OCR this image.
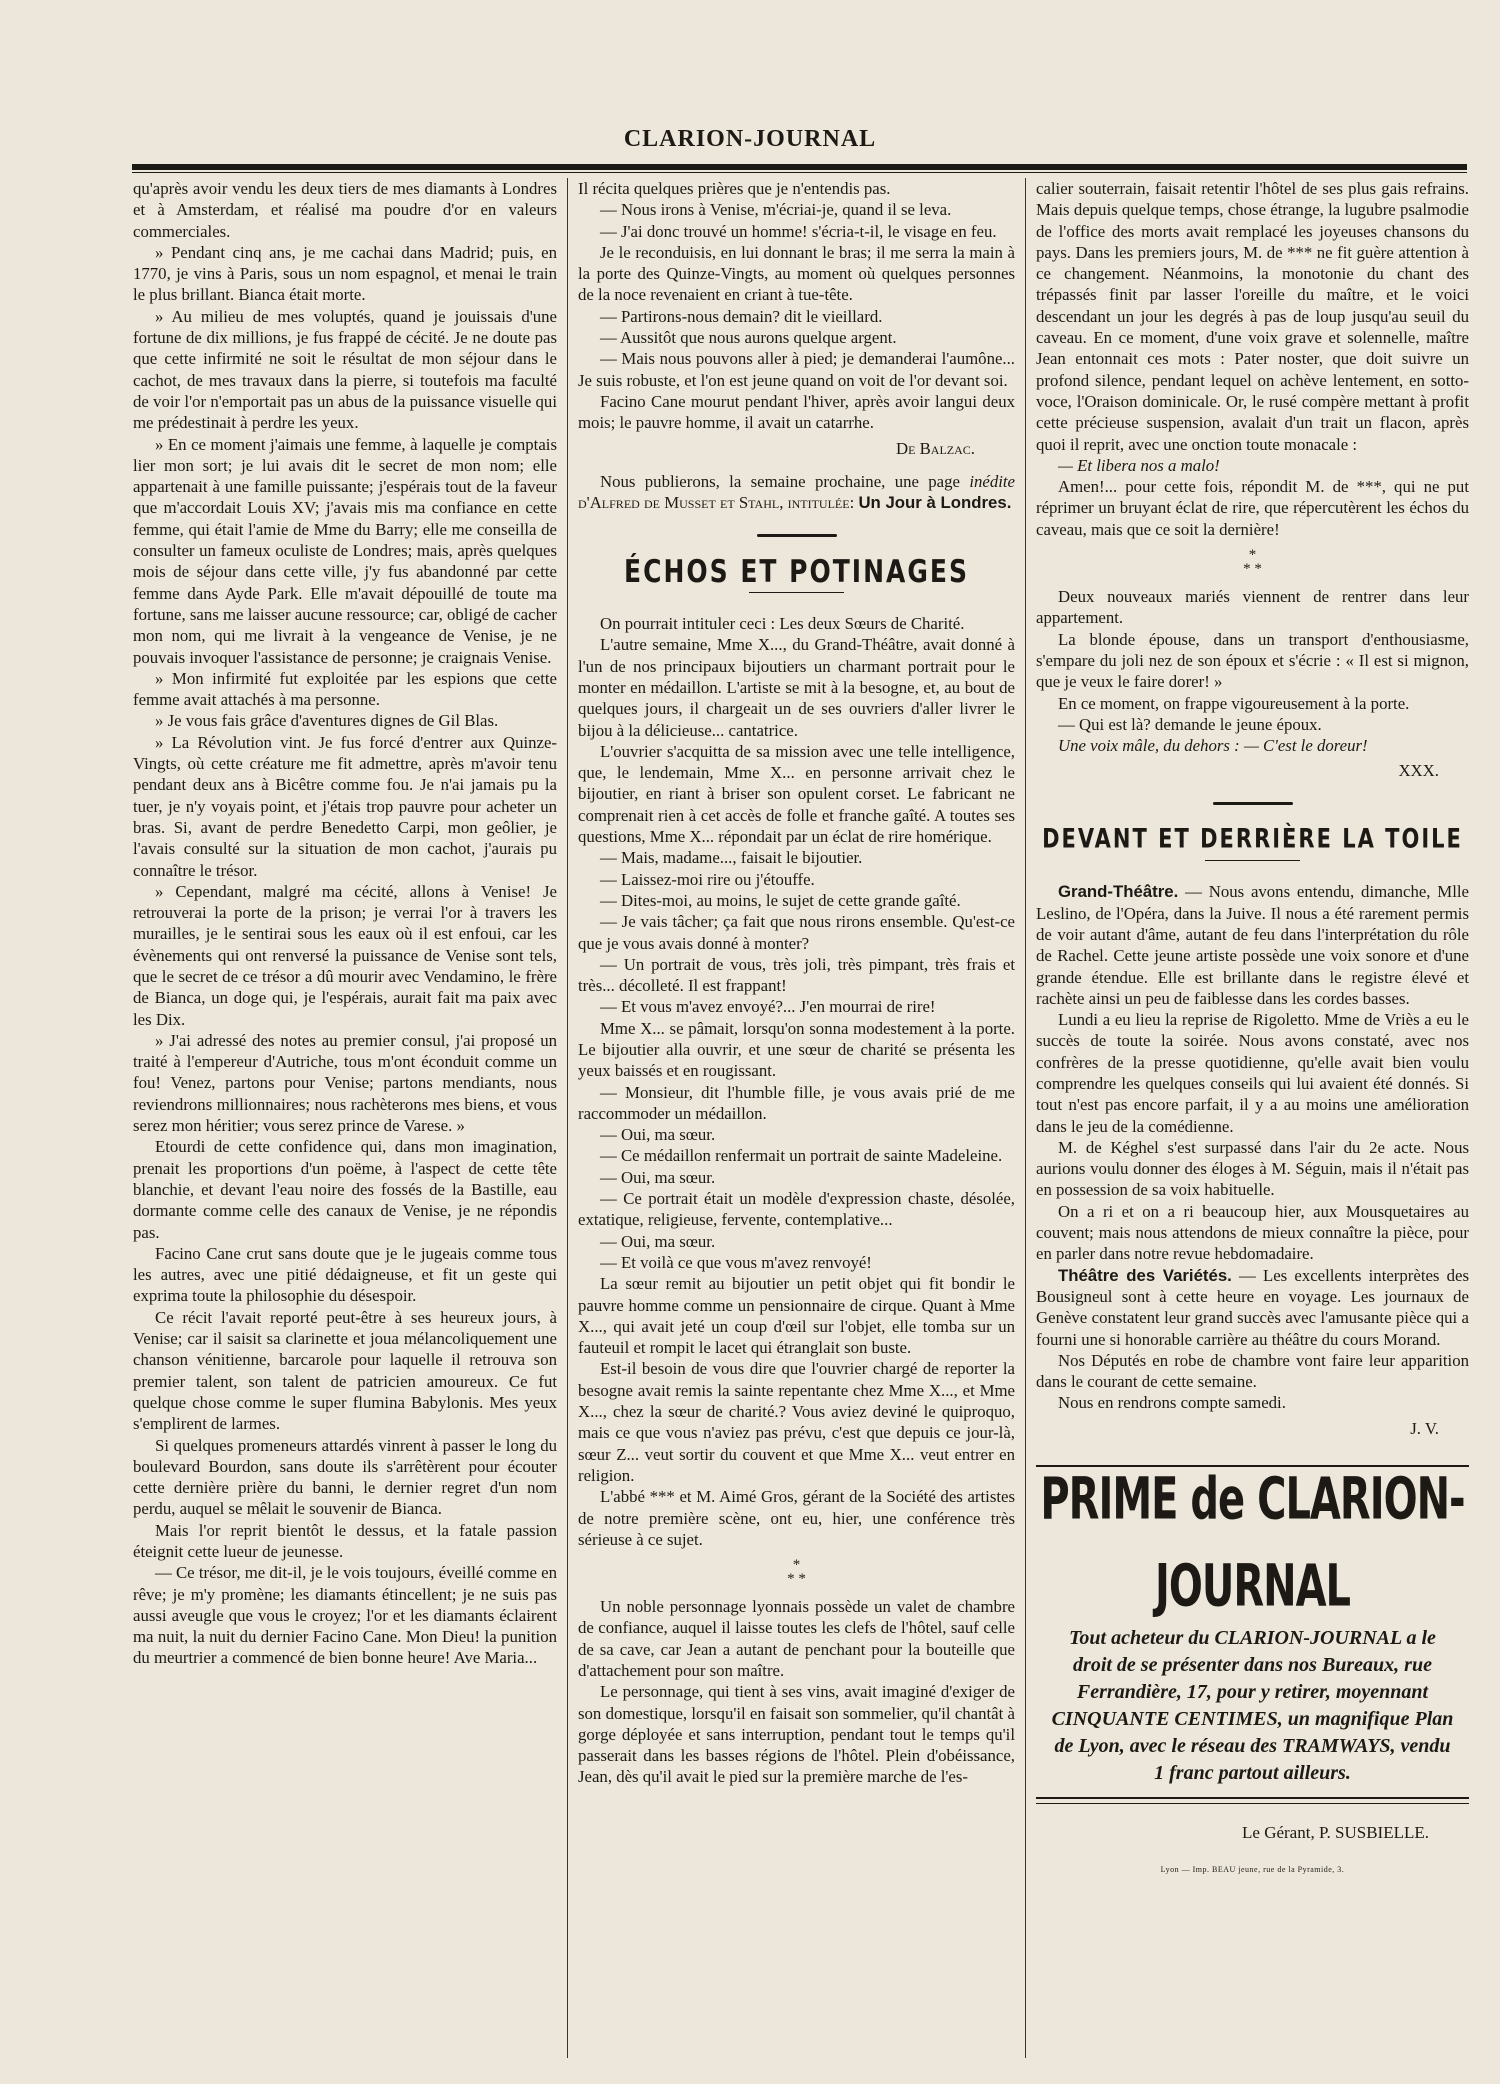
CLARION-JOURNAL

qu'après avoir vendu les deux tiers de mes diamants à Londres et à Amsterdam, et réalisé ma poudre d'or en valeurs commerciales.

» Pendant cinq ans, je me cachai dans Madrid; puis, en 1770, je vins à Paris, sous un nom espagnol, et menai le train le plus brillant. Bianca était morte.

» Au milieu de mes voluptés, quand je jouissais d'une fortune de dix millions, je fus frappé de cécité. Je ne doute pas que cette infirmité ne soit le résultat de mon séjour dans le cachot, de mes travaux dans la pierre, si toutefois ma faculté de voir l'or n'emportait pas un abus de la puissance visuelle qui me prédestinait à perdre les yeux.

» En ce moment j'aimais une femme, à laquelle je comptais lier mon sort; je lui avais dit le secret de mon nom; elle appartenait à une famille puissante; j'espérais tout de la faveur que m'accordait Louis XV; j'avais mis ma confiance en cette femme, qui était l'amie de Mme du Barry; elle me conseilla de consulter un fameux oculiste de Londres; mais, après quelques mois de séjour dans cette ville, j'y fus abandonné par cette femme dans Ayde Park. Elle m'avait dépouillé de toute ma fortune, sans me laisser aucune ressource; car, obligé de cacher mon nom, qui me livrait à la vengeance de Venise, je ne pouvais invoquer l'assistance de personne; je craignais Venise.

» Mon infirmité fut exploitée par les espions que cette femme avait attachés à ma personne.

» Je vous fais grâce d'aventures dignes de Gil Blas.

» La Révolution vint. Je fus forcé d'entrer aux Quinze-Vingts, où cette créature me fit admettre, après m'avoir tenu pendant deux ans à Bicêtre comme fou. Je n'ai jamais pu la tuer, je n'y voyais point, et j'étais trop pauvre pour acheter un bras. Si, avant de perdre Benedetto Carpi, mon geôlier, je l'avais consulté sur la situation de mon cachot, j'aurais pu connaître le trésor.

» Cependant, malgré ma cécité, allons à Venise! Je retrouverai la porte de la prison; je verrai l'or à travers les murailles, je le sentirai sous les eaux où il est enfoui, car les évènements qui ont renversé la puissance de Venise sont tels, que le secret de ce trésor a dû mourir avec Vendamino, le frère de Bianca, un doge qui, je l'espérais, aurait fait ma paix avec les Dix.

» J'ai adressé des notes au premier consul, j'ai proposé un traité à l'empereur d'Autriche, tous m'ont éconduit comme un fou! Venez, partons pour Venise; partons mendiants, nous reviendrons millionnaires; nous rachèterons mes biens, et vous serez mon héritier; vous serez prince de Varese. »

Etourdi de cette confidence qui, dans mon imagination, prenait les proportions d'un poëme, à l'aspect de cette tête blanchie, et devant l'eau noire des fossés de la Bastille, eau dormante comme celle des canaux de Venise, je ne répondis pas.

Facino Cane crut sans doute que je le jugeais comme tous les autres, avec une pitié dédaigneuse, et fit un geste qui exprima toute la philosophie du désespoir.

Ce récit l'avait reporté peut-être à ses heureux jours, à Venise; car il saisit sa clarinette et joua mélancoliquement une chanson vénitienne, barcarole pour laquelle il retrouva son premier talent, son talent de patricien amoureux. Ce fut quelque chose comme le super flumina Babylonis. Mes yeux s'emplirent de larmes.

Si quelques promeneurs attardés vinrent à passer le long du boulevard Bourdon, sans doute ils s'arrêtèrent pour écouter cette dernière prière du banni, le dernier regret d'un nom perdu, auquel se mêlait le souvenir de Bianca.

Mais l'or reprit bientôt le dessus, et la fatale passion éteignit cette lueur de jeunesse.

— Ce trésor, me dit-il, je le vois toujours, éveillé comme en rêve; je m'y promène; les diamants étincellent; je ne suis pas aussi aveugle que vous le croyez; l'or et les diamants éclairent ma nuit, la nuit du dernier Facino Cane. Mon Dieu! la punition du meurtrier a commencé de bien bonne heure! Ave Maria...

Il récita quelques prières que je n'entendis pas.

— Nous irons à Venise, m'écriai-je, quand il se leva.

— J'ai donc trouvé un homme! s'écria-t-il, le visage en feu.

Je le reconduisis, en lui donnant le bras; il me serra la main à la porte des Quinze-Vingts, au moment où quelques personnes de la noce revenaient en criant à tue-tête.

— Partirons-nous demain? dit le vieillard.

— Aussitôt que nous aurons quelque argent.

— Mais nous pouvons aller à pied; je demanderai l'aumône... Je suis robuste, et l'on est jeune quand on voit de l'or devant soi.

Facino Cane mourut pendant l'hiver, après avoir langui deux mois; le pauvre homme, il avait un catarrhe.

De Balzac.

Nous publierons, la semaine prochaine, une page inédite d'Alfred de Musset et Stahl, intitulée: Un Jour à Londres.

ÉCHOS ET POTINAGES

On pourrait intituler ceci : Les deux Sœurs de Charité.

L'autre semaine, Mme X..., du Grand-Théâtre, avait donné à l'un de nos principaux bijoutiers un charmant portrait pour le monter en médaillon. L'artiste se mit à la besogne, et, au bout de quelques jours, il chargeait un de ses ouvriers d'aller livrer le bijou à la délicieuse... cantatrice.

L'ouvrier s'acquitta de sa mission avec une telle intelligence, que, le lendemain, Mme X... en personne arrivait chez le bijoutier, en riant à briser son opulent corset. Le fabricant ne comprenait rien à cet accès de folle et franche gaîté. A toutes ses questions, Mme X... répondait par un éclat de rire homérique.

— Mais, madame..., faisait le bijoutier.

— Laissez-moi rire ou j'étouffe.

— Dites-moi, au moins, le sujet de cette grande gaîté.

— Je vais tâcher; ça fait que nous rirons ensemble. Qu'est-ce que je vous avais donné à monter?

— Un portrait de vous, très joli, très pimpant, très frais et très... décolleté. Il est frappant!

— Et vous m'avez envoyé?... J'en mourrai de rire!

Mme X... se pâmait, lorsqu'on sonna modestement à la porte. Le bijoutier alla ouvrir, et une sœur de charité se présenta les yeux baissés et en rougissant.

— Monsieur, dit l'humble fille, je vous avais prié de me raccommoder un médaillon.

— Oui, ma sœur.

— Ce médaillon renfermait un portrait de sainte Madeleine.

— Oui, ma sœur.

— Ce portrait était un modèle d'expression chaste, désolée, extatique, religieuse, fervente, contemplative...

— Oui, ma sœur.

— Et voilà ce que vous m'avez renvoyé!

La sœur remit au bijoutier un petit objet qui fit bondir le pauvre homme comme un pensionnaire de cirque. Quant à Mme X..., qui avait jeté un coup d'œil sur l'objet, elle tomba sur un fauteuil et rompit le lacet qui étranglait son buste.

Est-il besoin de vous dire que l'ouvrier chargé de reporter la besogne avait remis la sainte repentante chez Mme X..., et Mme X..., chez la sœur de charité.? Vous aviez deviné le quiproquo, mais ce que vous n'aviez pas prévu, c'est que depuis ce jour-là, sœur Z... veut sortir du couvent et que Mme X... veut entrer en religion.

L'abbé *** et M. Aimé Gros, gérant de la Société des artistes de notre première scène, ont eu, hier, une conférence très sérieuse à ce sujet.

*
* *

Un noble personnage lyonnais possède un valet de chambre de confiance, auquel il laisse toutes les clefs de l'hôtel, sauf celle de sa cave, car Jean a autant de penchant pour la bouteille que d'attachement pour son maître.

Le personnage, qui tient à ses vins, avait imaginé d'exiger de son domestique, lorsqu'il en faisait son sommelier, qu'il chantât à gorge déployée et sans interruption, pendant tout le temps qu'il passerait dans les basses régions de l'hôtel. Plein d'obéissance, Jean, dès qu'il avait le pied sur la première marche de l'es-

calier souterrain, faisait retentir l'hôtel de ses plus gais refrains. Mais depuis quelque temps, chose étrange, la lugubre psalmodie de l'office des morts avait remplacé les joyeuses chansons du pays. Dans les premiers jours, M. de *** ne fit guère attention à ce changement. Néanmoins, la monotonie du chant des trépassés finit par lasser l'oreille du maître, et le voici descendant un jour les degrés à pas de loup jusqu'au seuil du caveau. En ce moment, d'une voix grave et solennelle, maître Jean entonnait ces mots : Pater noster, que doit suivre un profond silence, pendant lequel on achève lentement, en sotto-voce, l'Oraison dominicale. Or, le rusé compère mettant à profit cette précieuse suspension, avalait d'un trait un flacon, après quoi il reprit, avec une onction toute monacale :

— Et libera nos a malo!

Amen!... pour cette fois, répondit M. de ***, qui ne put réprimer un bruyant éclat de rire, que répercutèrent les échos du caveau, mais que ce soit la dernière!

*
* *

Deux nouveaux mariés viennent de rentrer dans leur appartement.

La blonde épouse, dans un transport d'enthousiasme, s'empare du joli nez de son époux et s'écrie : « Il est si mignon, que je veux le faire dorer! »

En ce moment, on frappe vigoureusement à la porte.

— Qui est là? demande le jeune époux.

Une voix mâle, du dehors : — C'est le doreur!

XXX.
DEVANT ET DERRIÈRE LA TOILE

Grand-Théâtre. — Nous avons entendu, dimanche, Mlle Leslino, de l'Opéra, dans la Juive. Il nous a été rarement permis de voir autant d'âme, autant de feu dans l'interprétation du rôle de Rachel. Cette jeune artiste possède une voix sonore et d'une grande étendue. Elle est brillante dans le registre élevé et rachète ainsi un peu de faiblesse dans les cordes basses.

Lundi a eu lieu la reprise de Rigoletto. Mme de Vriès a eu le succès de toute la soirée. Nous avons constaté, avec nos confrères de la presse quotidienne, qu'elle avait bien voulu comprendre les quelques conseils qui lui avaient été donnés. Si tout n'est pas encore parfait, il y a au moins une amélioration dans le jeu de la comédienne.

M. de Kéghel s'est surpassé dans l'air du 2e acte. Nous aurions voulu donner des éloges à M. Séguin, mais il n'était pas en possession de sa voix habituelle.

On a ri et on a ri beaucoup hier, aux Mousquetaires au couvent; mais nous attendons de mieux connaître la pièce, pour en parler dans notre revue hebdomadaire.

Théâtre des Variétés. — Les excellents interprètes des Bousigneul sont à cette heure en voyage. Les journaux de Genève constatent leur grand succès avec l'amusante pièce qui a fourni une si honorable carrière au théâtre du cours Morand.

Nos Députés en robe de chambre vont faire leur apparition dans le courant de cette semaine.

Nous en rendrons compte samedi.

J. V.
PRIME de CLARION-JOURNAL
Tout acheteur du CLARION-JOURNAL a le droit de se présenter dans nos Bureaux, rue Ferrandière, 17, pour y retirer, moyennant CINQUANTE CENTIMES, un magnifique Plan de Lyon, avec le réseau des TRAMWAYS, vendu 1 franc partout ailleurs.
Le Gérant, P. SUSBIELLE.
Lyon — Imp. BEAU jeune, rue de la Pyramide, 3.
